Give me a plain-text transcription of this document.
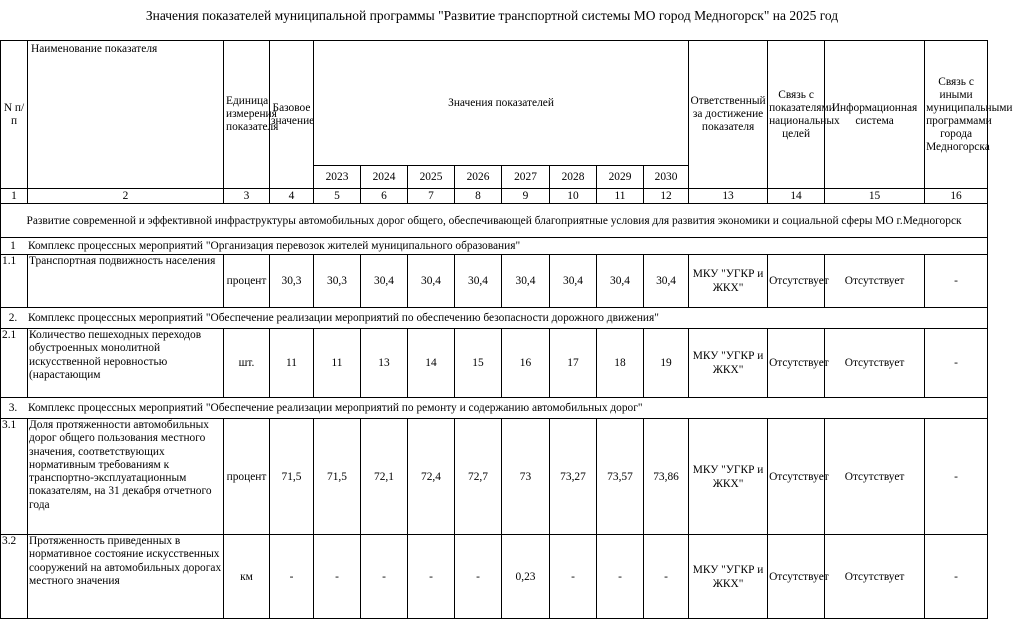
Значения показателей муниципальной программы "Развитие транспортной системы МО город Медногорск" на 2025 год
N п/п	Наименование показателя	Единица измерения показателя	Базовое значение	Значения показателей								Ответственный за достижение показателя	Связь с показателями национальных целей	Информационная система	Связь с иными муниципальными программами города Медногорска
				2023	2024	2025	2026	2027	2028	2029	2030				
1	2	3	4	5	6	7	8	9	10	11	12	13	14	15	16
Развитие современной и эффективной инфраструктуры автомобильных дорог общего, обеспечивающей благоприятные условия для развития экономики и социальной сферы МО г.Медногорск															
1 Комплекс процессных мероприятий "Организация перевозок жителей муниципального образования"															
1.1	Транспортная подвижность населения	процент	30,3	30,3	30,4	30,4	30,4	30,4	30,4	30,4	30,4	МКУ "УГКР и ЖКХ"	Отсутствует	Отсутствует	-
2. Комплекс процессных мероприятий "Обеспечение реализации мероприятий по обеспечению безопасности дорожного движения"															
2.1	Количество пешеходных переходов обустроенных монолитной искусственной неровностью (нарастающим	шт.	11	11	13	14	15	16	17	18	19	МКУ "УГКР и ЖКХ"	Отсутствует	Отсутствует	-
3. Комплекс процессных мероприятий "Обеспечение реализации мероприятий по ремонту и содержанию автомобильных дорог"															
3.1	Доля протяженности автомобильных дорог общего пользования местного значения, соответствующих нормативным требованиям к транспортно-эксплуатационным показателям, на 31 декабря отчетного года	процент	71,5	71,5	72,1	72,4	72,7	73	73,27	73,57	73,86	МКУ "УГКР и ЖКХ"	Отсутствует	Отсутствует	-
3.2	Протяженность приведенных в нормативное состояние искусственных сооружений на автомобильных дорогах местного значения	км	-	-	-	-	-	0,23	-	-	-	МКУ "УГКР и ЖКХ"	Отсутствует	Отсутствует	-
